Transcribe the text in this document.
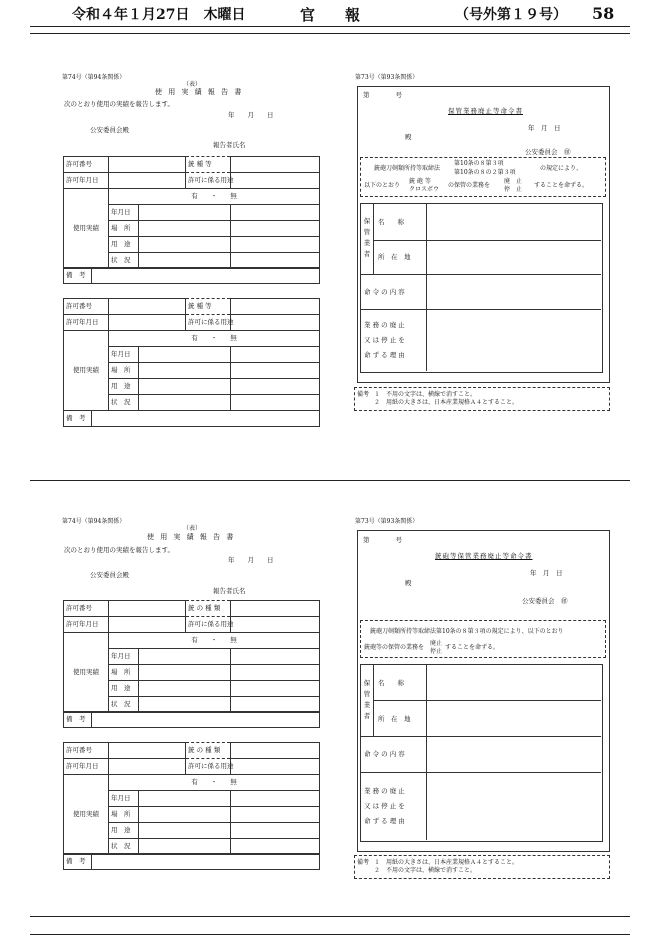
令和４年１月27日　木曜日	官　　報	（号外第１９号） 58
第74号（第94条関係）
（表）
使 用 実 績 報 告 書
次のとおり使用の実績を報告します。
年　　月　　日
公安委員会殿
報告者氏名
許可番号		銃 種 等	
許可年月日		許可に係る用途	
使用実績	有　　・　　無		
	年月日		
	場　所		
	用　途		
	状　況		
備　考	
許可番号		銃 種 等	
許可年月日		許可に係る用途	
使用実績	有　　・　　無		
	年月日		
	場　所		
	用　途		
	状　況		
備　考	
第73号（第93条関係）
第　　　　号
保管業務廃止等命令書
年　月　日
殿
公安委員会　㊞
銃砲刀剣類所持等取締法
第10条の８第３項
第10条の８の２第３項
の規定により、
以下のとおり
銃 砲 等
クロスボウ
の保管の業務を
廃　止
停　止
することを命ずる。
保管業者
名　　称
所　在　地
命 令 の 内 容
業 務 の 廃 止
又 は 停 止 を
命 ず る 理 由
備考 １　不用の文字は、横線で消すこと。
２　用紙の大きさは、日本産業規格Ａ４とすること。
第74号（第94条関係）
（表）
使 用 実 績 報 告 書
次のとおり使用の実績を報告します。
年　　月　　日
公安委員会殿
報告者氏名
許可番号		銃 の 種 類	
許可年月日		許可に係る用途	
使用実績	有　　・　　無		
	年月日		
	場　所		
	用　途		
	状　況		
備　考	
許可番号		銃 の 種 類	
許可年月日		許可に係る用途	
使用実績	有　　・　　無		
	年月日		
	場　所		
	用　途		
	状　況		
備　考	
第73号（第93条関係）
第　　　　号
銃砲等保管業務廃止等命令書
年　月　日
殿
公安委員会　㊞
銃砲刀剣類所持等取締法第10条の８第３項の規定により、以下のとおり
銃砲等の保管の業務を
廃止
停止
することを命ずる。
保管業者
名　　称
所　在　地
命 令 の 内 容
業 務 の 廃 止
又 は 停 止 を
命 ず る 理 由
備考 １　用紙の大きさは、日本産業規格Ａ４とすること。
２　不用の文字は、横線で消すこと。
